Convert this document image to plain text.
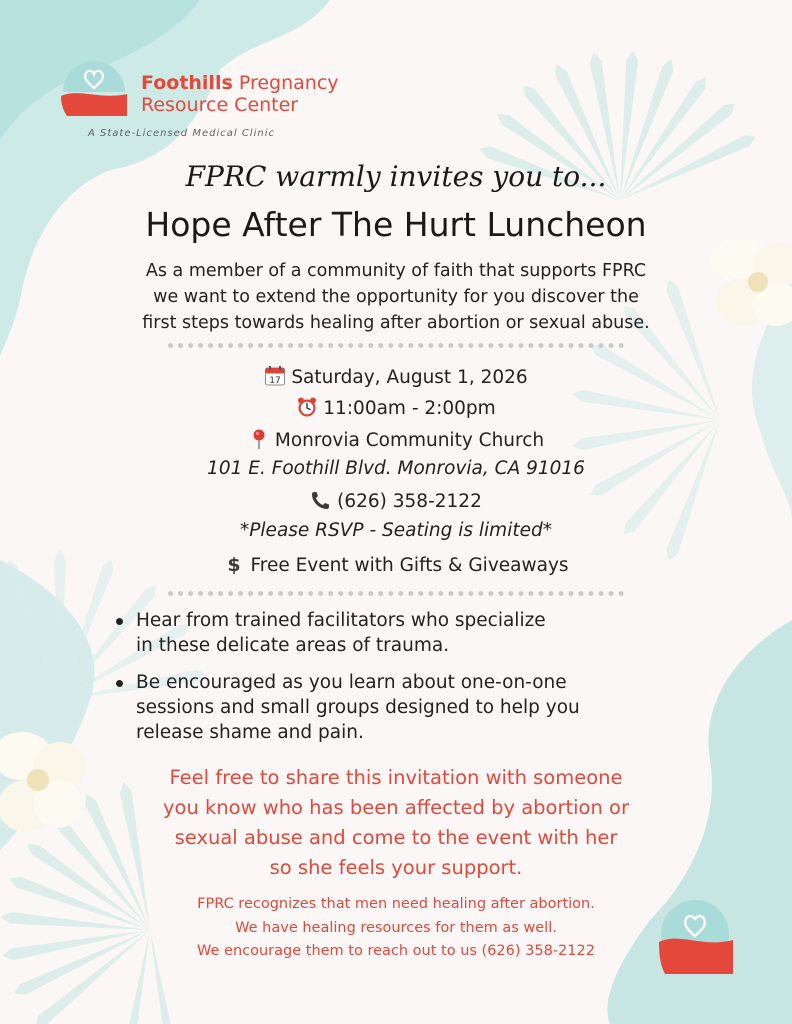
Foothills Pregnancy
Resource Center
A State-Licensed Medical Clinic
FPRC warmly invites you to...
Hope After The Hurt Luncheon
As a member of a community of faith that supports FPRC
we want to extend the opportunity for you discover the
first steps towards healing after abortion or sexual abuse.
17 Saturday, August 1, 2026
11:00am - 2:00pm
Monrovia Community Church
101 E. Foothill Blvd. Monrovia, CA 91016
(626) 358-2122
*Please RSVP - Seating is limited*
$ Free Event with Gifts & Giveaways
Hear from trained facilitators who specialize
in these delicate areas of trauma.
Be encouraged as you learn about one-on-one
sessions and small groups designed to help you
release shame and pain.
Feel free to share this invitation with someone
you know who has been affected by abortion or
sexual abuse and come to the event with her
so she feels your support.
FPRC recognizes that men need healing after abortion.
We have healing resources for them as well.
We encourage them to reach out to us (626) 358-2122
